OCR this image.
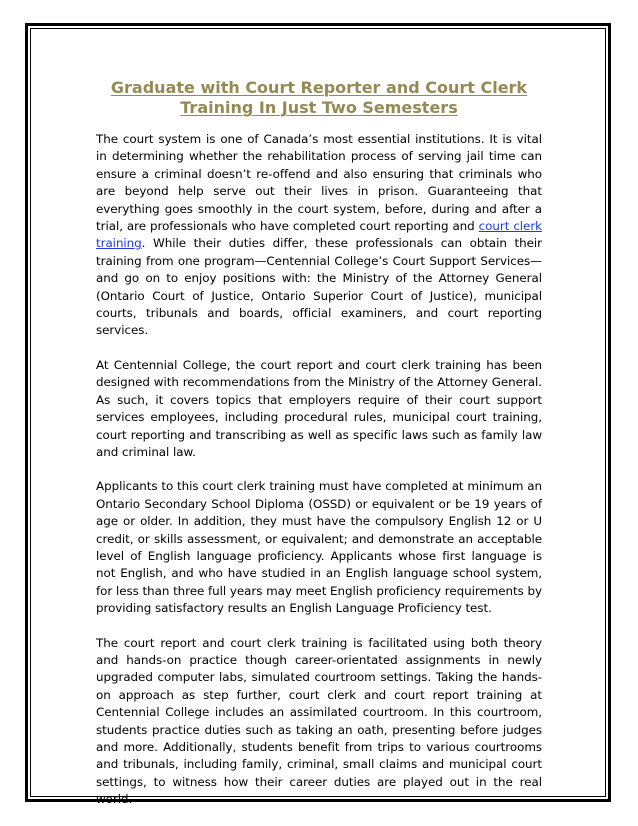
Graduate with Court Reporter and Court Clerk
Training In Just Two Semesters

The court system is one of Canada’s most essential institutions. It is vital in determining whether the rehabilitation process of serving jail time can ensure a criminal doesn’t re-offend and also ensuring that criminals who are beyond help serve out their lives in prison. Guaranteeing that everything goes smoothly in the court system, before, during and after a trial, are professionals who have completed court reporting and court clerk training. While their duties differ, these professionals can obtain their training from one program—Centennial College’s Court Support Services—and go on to enjoy positions with: the Ministry of the Attorney General (Ontario Court of Justice, Ontario Superior Court of Justice), municipal courts, tribunals and boards, official examiners, and court reporting services.

At Centennial College, the court report and court clerk training has been designed with recommendations from the Ministry of the Attorney General. As such, it covers topics that employers require of their court support services employees, including procedural rules, municipal court training, court reporting and transcribing as well as specific laws such as family law and criminal law.

Applicants to this court clerk training must have completed at minimum an Ontario Secondary School Diploma (OSSD) or equivalent or be 19 years of age or older. In addition, they must have the compulsory English 12 or U credit, or skills assessment, or equivalent; and demonstrate an acceptable level of English language proficiency. Applicants whose first language is not English, and who have studied in an English language school system, for less than three full years may meet English proficiency requirements by providing satisfactory results an English Language Proficiency test.

The court report and court clerk training is facilitated using both theory and hands-on practice though career-orientated assignments in newly upgraded computer labs, simulated courtroom settings. Taking the hands-on approach as step further, court clerk and court report training at Centennial College includes an assimilated courtroom. In this courtroom, students practice duties such as taking an oath, presenting before judges and more. Additionally, students benefit from trips to various courtrooms and tribunals, including family, criminal, small claims and municipal court settings, to witness how their career duties are played out in the real world.
